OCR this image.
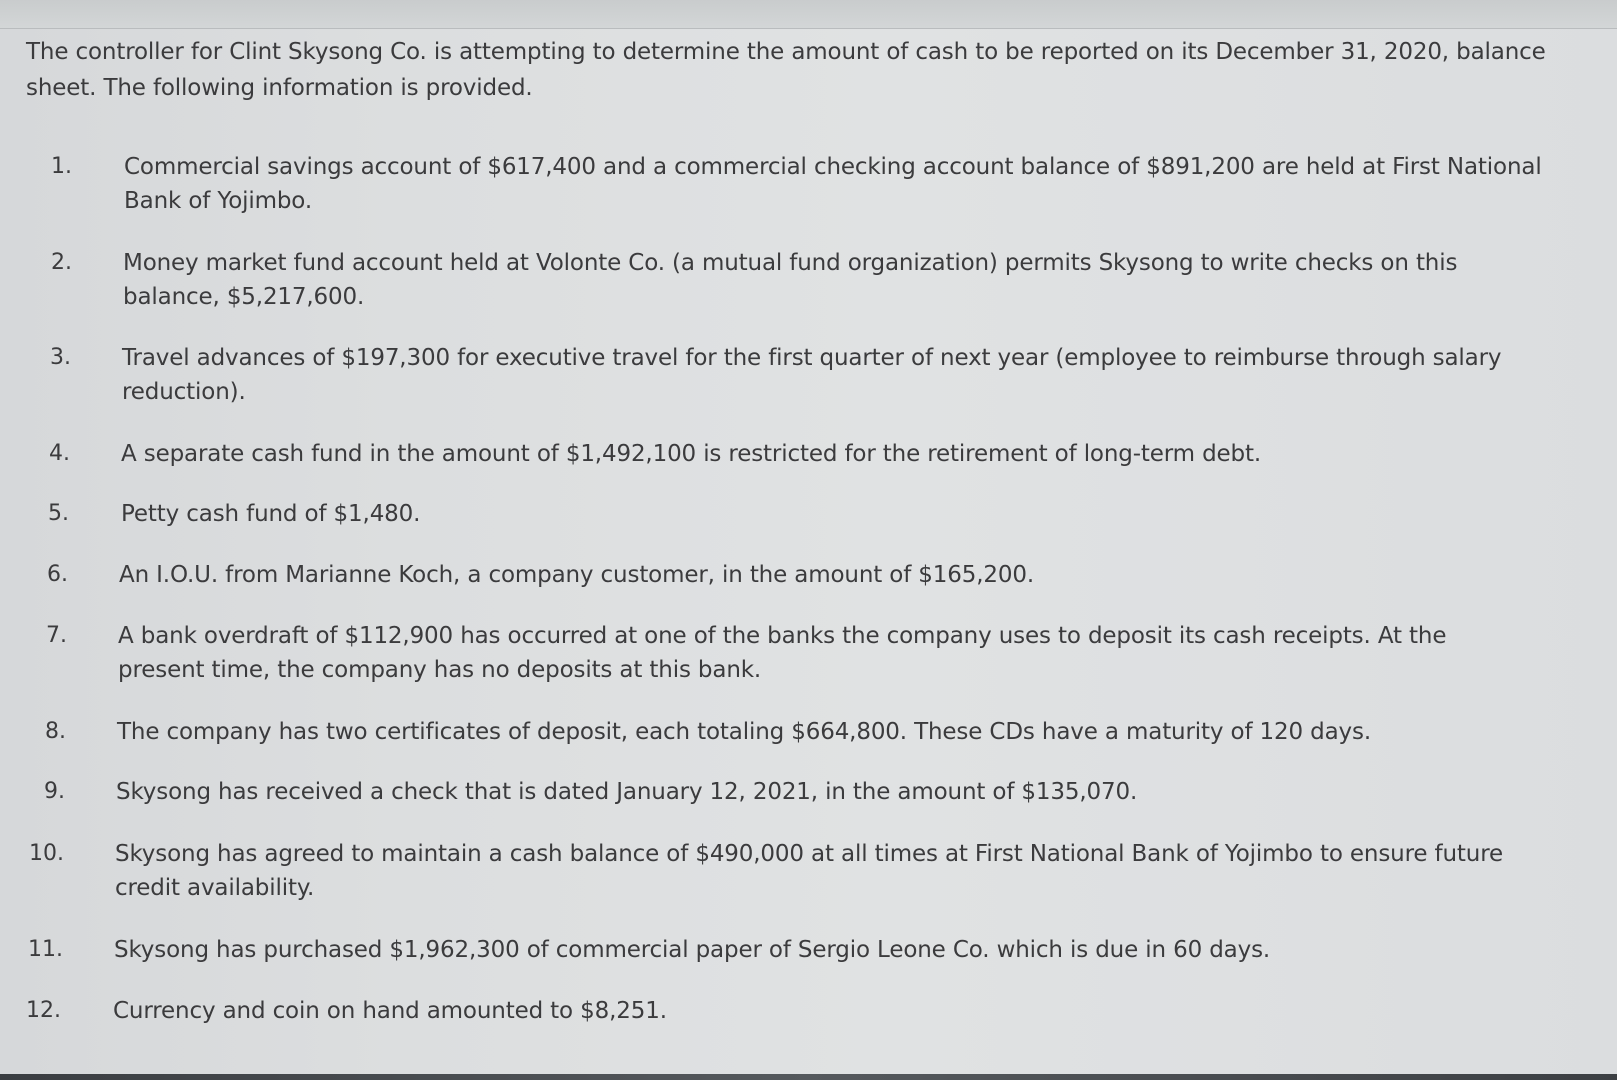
The controller for Clint Skysong Co. is attempting to determine the amount of cash to be reported on its December 31, 2020, balance sheet. The following information is provided.
1. Commercial savings account of $617,400 and a commercial checking account balance of $891,200 are held at First National Bank of Yojimbo.
2. Money market fund account held at Volonte Co. (a mutual fund organization) permits Skysong to write checks on this balance, $5,217,600.
3. Travel advances of $197,300 for executive travel for the first quarter of next year (employee to reimburse through salary reduction).
4. A separate cash fund in the amount of $1,492,100 is restricted for the retirement of long-term debt.
5. Petty cash fund of $1,480.
6. An I.O.U. from Marianne Koch, a company customer, in the amount of $165,200.
7. A bank overdraft of $112,900 has occurred at one of the banks the company uses to deposit its cash receipts. At the present time, the company has no deposits at this bank.
8. The company has two certificates of deposit, each totaling $664,800. These CDs have a maturity of 120 days.
9. Skysong has received a check that is dated January 12, 2021, in the amount of $135,070.
10. Skysong has agreed to maintain a cash balance of $490,000 at all times at First National Bank of Yojimbo to ensure future credit availability.
11. Skysong has purchased $1,962,300 of commercial paper of Sergio Leone Co. which is due in 60 days.
12. Currency and coin on hand amounted to $8,251.
